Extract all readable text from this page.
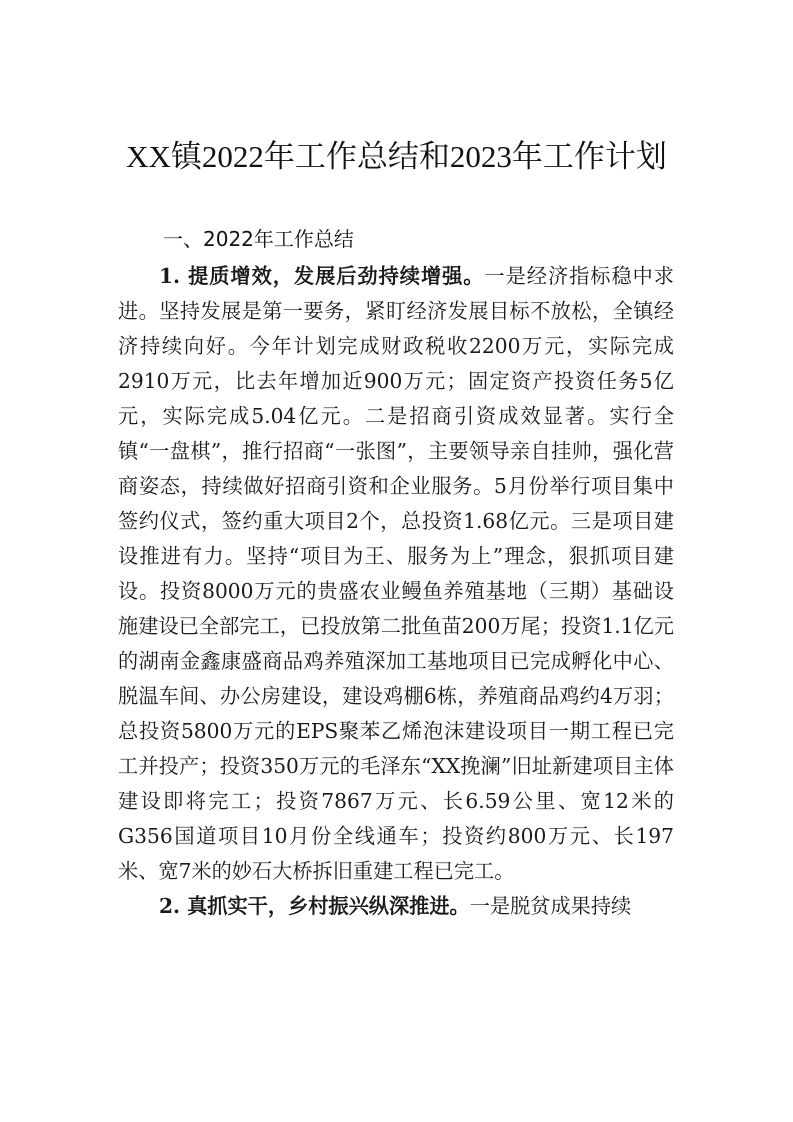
XX镇2022年工作总结和2023年工作计划
一、2022年工作总结

1. 提质增效，发展后劲持续增强。一是经济指标稳中求进。坚持发展是第一要务，紧盯经济发展目标不放松，全镇经济持续向好。今年计划完成财政税收2200万元，实际完成2910万元，比去年增加近900万元；固定资产投资任务5亿元，实际完成5.04亿元。二是招商引资成效显著。实行全镇“一盘棋”，推行招商“一张图”，主要领导亲自挂帅，强化营商姿态，持续做好招商引资和企业服务。5月份举行项目集中签约仪式，签约重大项目2个，总投资1.68亿元。三是项目建设推进有力。坚持“项目为王、服务为上”理念，狠抓项目建设。投资8000万元的贵盛农业鳗鱼养殖基地（三期）基础设施建设已全部完工，已投放第二批鱼苗200万尾；投资1.1亿元的湖南金鑫康盛商品鸡养殖深加工基地项目已完成孵化中心、脱温车间、办公房建设，建设鸡棚6栋，养殖商品鸡约4万羽；总投资5800万元的EPS聚苯乙烯泡沫建设项目一期工程已完工并投产；投资350万元的毛泽东“XX挽澜”旧址新建项目主体建设即将完工；投资7867万元、长6.59公里、宽12米的G356国道项目10月份全线通车；投资约800万元、长197米、宽7米的妙石大桥拆旧重建工程已完工。

2. 真抓实干，乡村振兴纵深推进。一是脱贫成果持续
